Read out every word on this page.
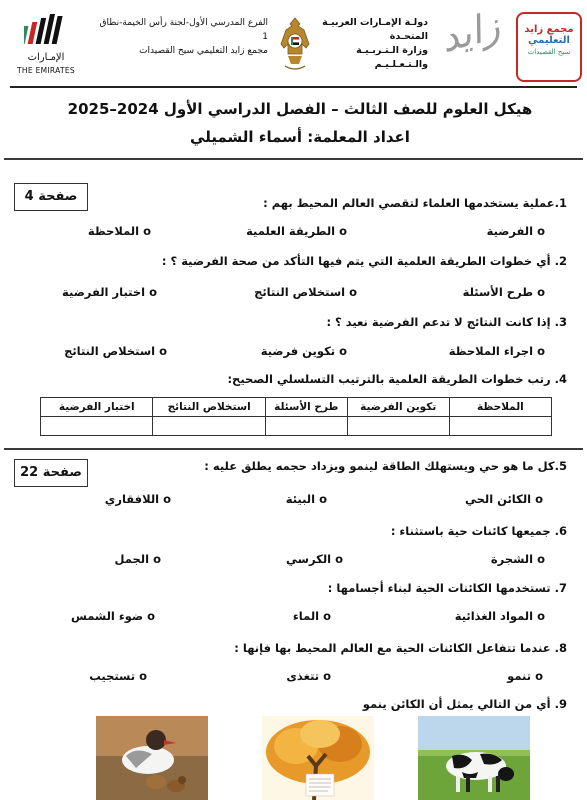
الإمـارات
THE EMIRATES
الفرع المدرسي الأول-لجنة رأس الخيمة-نطاق 1
مجمع زايد التعليمي سيح القصيدات
دولـة الإمـارات العربيـة المتحـدة
وزارة الـتـربـيـة والـتـعـلـيـم
زايد	مجمع زايد
التعليمي
سيح القصيدات
هيكل العلوم للصف الثالث – الفصل الدراسي الأول 2024–2025
اعداد المعلمة: أسماء الشميلي
صفحة 4	1.عملية يستخدمها العلماء لتقصي العالم المحيط بهم :
o الفرضية
o الطريقة العلمية
o الملاحظة
2. أي خطوات الطريقة العلمية التي يتم فيها التأكد من صحة الفرضية ؟ :
o طرح الأسئلة
o استخلاص النتائج
o اختبار الفرضية
3. إذا كانت النتائج لا تدعم الفرضية نعيد ؟ :
o اجراء الملاحظة
o تكوين فرضية
o استخلاص النتائج
4. رتب خطوات الطريقة العلمية بالترتيب التسلسلي الصحيح:
الملاحظة	تكوين الفرضية	طرح الأسئلة	استخلاص النتائج	اختبار الفرضية

صفحة 22	5.كل ما هو حي ويستهلك الطاقة لينمو ويزداد حجمه يطلق عليه :
o الكائن الحي
o البيئة
o اللافقاري
6. جميعها كائنات حية باستثناء :
o الشجرة
o الكرسي
o الجمل
7. تستخدمها الكائنات الحية لبناء أجسامها :
o المواد الغذائية
o الماء
o ضوء الشمس
8. عندما تتفاعل الكائنات الحية مع العالم المحيط بها فإنها :
o تنمو
o تتغذى
o تستجيب
9. أي من التالي يمثل أن الكائن ينمو
